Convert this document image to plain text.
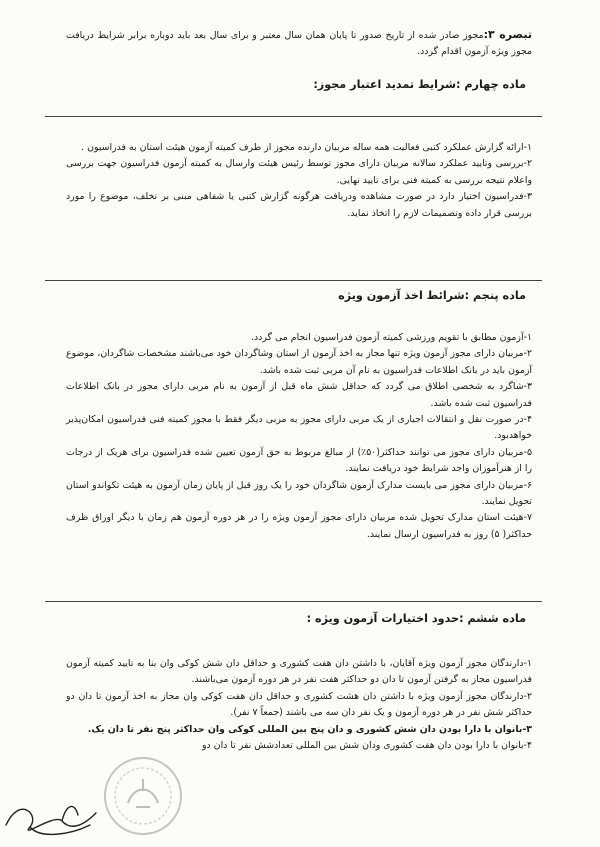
تبصره ۳:مجوز صادر شده از تاریخ صدور تا پایان همان سال معتبر و برای سال بعد باید دوباره برابر شرایط دریافت مجوز ویژه آزمون اقدام گردد.

ماده چهارم :شرایط تمدید اعتبار مجوز:

۱-ارائه گزارش عملکرد کتبی فعالیت همه ساله مربیان دارنده مجوز از طرف کمیته آزمون هیئت استان به فدراسیون .

۲-بررسی وتایید عملکرد سالانه مربیان دارای مجوز توسط رئیس هیئت وارسال به کمیته آزمون فدراسیون جهت بررسی واعلام نتیجه بررسی به کمیته فنی برای تایید نهایی.

۳-فدراسیون اختیار دارد در صورت مشاهده ودریافت هرگونه گزارش کتبی یا شفاهی مبنی بر تخلف، موضوع را مورد بررسی قرار داده وتصمیمات لازم را اتخاذ نماید.

ماده پنجم :شرائط اخذ آزمون ویژه

۱-آزمون مطابق با تقویم ورزشی کمیته آزمون فدراسیون انجام می گردد.

۲-مربیان دارای مجوز آزمون ویژه تنها مجاز به اخذ آزمون از استان وشاگردان خود می‌باشند مشخصات شاگردان، موضوع آزمون باید در بانک اطلاعات فدراسیون به نام آن مربی ثبت شده باشد.

۳-شاگرد به شخصی اطلاق می گردد که حداقل شش ماه قبل از آزمون به نام مربی دارای مجوز در بانک اطلاعات فدراسیون ثبت شده باشد.

۴-در صورت نقل و انتقالات اجباری از یک مربی دارای مجوز به مربی دیگر فقط با مجوز کمیته فنی فدراسیون امکان‌پذیر خواهدبود.

۵-مربیان دارای مجوز می توانند حداکثر(۵۰٪) از مبالغ مربوط به حق آزمون تعیین شده فدراسیون برای هریک از درجات را از هنرآموزان واجد شرایط خود دریافت نمایند.

۶-مربیان دارای مجوز می بایست مدارک آزمون شاگردان خود را یک روز قبل از پایان زمان آزمون به هیئت تکواندو استان تحویل نمایند.

۷-هیئت استان مدارک تحویل شده مربیان دارای مجوز آزمون ویژه را در هر دوره آزمون هم زمان با دیگر اوراق ظرف حداکثر( ۵) روز به فدراسیون ارسال نمایند.

ماده ششم :حدود اختیارات آزمون ویژه :

۱-دارندگان مجوز آزمون ویژه آقایان، با داشتن دان هفت کشوری و حداقل دان شش کوکی وان بنا به تایید کمیته آزمون فدراسیون مجاز به گرفتن آزمون تا دان دو حداکثر هفت نفر در هر دوره آزمون می‌باشند.

۲-دارندگان مجوز آزمون ویژه با داشتن دان هشت کشوری و حداقل دان هفت کوکی وان مجاز به اخذ آزمون تا دان دو حداکثر شش نفر در هر دوره آزمون و یک نفر دان سه می باشند (جمعاً ۷ نفر).

۳-بانوان با دارا بودن دان شش کشوری و دان پنج بین المللی کوکی وان حداکثر پنج نفر تا دان یک.

۴-بانوان با دارا بودن دان هفت کشوری ودان شش بین المللی تعدادشش نفر تا دان دو
